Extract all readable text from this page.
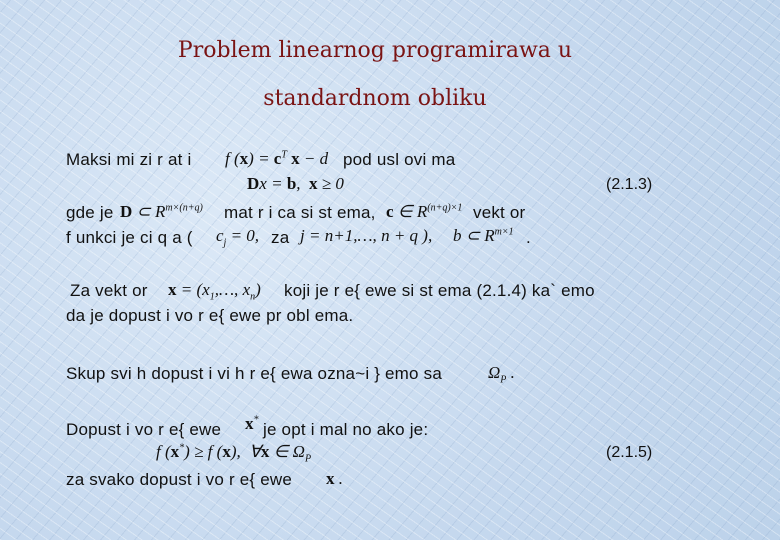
Problem linearnog programirawa u
standardnom obliku
Maksi mi zi r at i f $(x) = c^T$ x − d pod usl ovi ma
Dx = b,  x ≥ 0	(2.1.3)
gde je D ⊂ $R^{m\times(n+q)}$ mat r i ca si st ema, c ∈ $R^{(n+q)\times 1}$ vekt or
f unkci je ci q a ( $c_j = 0$, za j = n+1,…, n + q ), b ⊂ $R^{m\times 1}$ .
Za vekt or $x = (x_1,\dots$, $x_n$) koji je r e{ ewe si st ema (2.1.4) ka` emo
da je dopust i vo r e{ ewe pr obl ema.
Skup svi h dopust i vi h r e{ ewa ozna~i } emo sa	$\Omega_P$ .
Dopust i vo r e{ ewe x*
je opt i mal no ako je:
f (x*) ≥ f (x),  ∀x ∈ $\Omega_P$	(2.1.5)
za svako dopust i vo r e{ ewe x .
